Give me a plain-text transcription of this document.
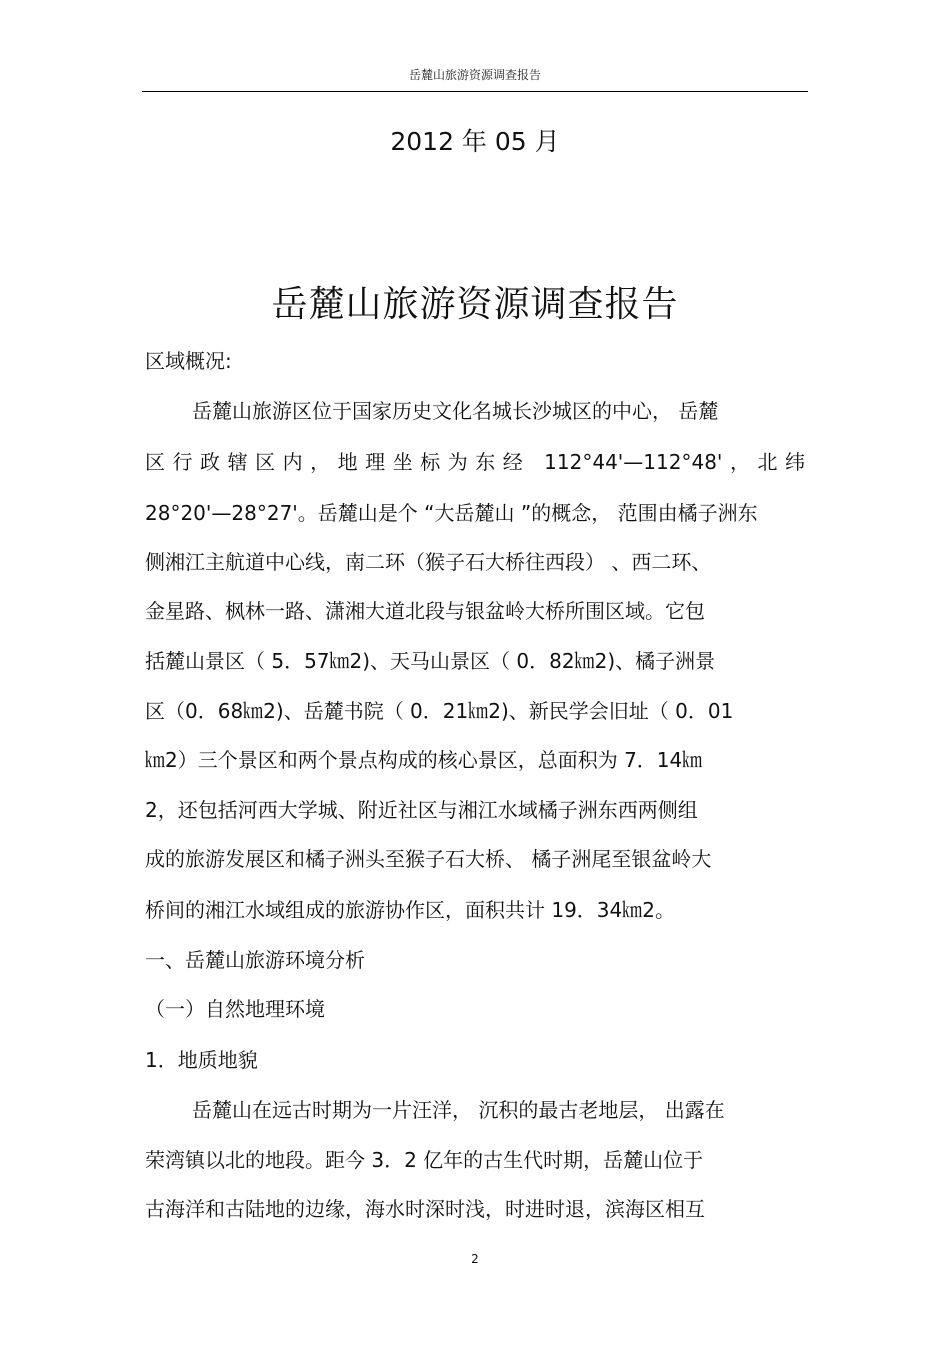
岳麓山旅游资源调查报告
2012 年 05 月
岳麓山旅游资源调查报告
区域概况:
岳麓山旅游区位于国家历史文化名城长沙城区的中心， 岳麓
区行政辖区内，地理坐标为东经 112°44'—112°48'，北纬
28°20'—28°27'。岳麓山是个 “大岳麓山 ”的概念， 范围由橘子洲东
侧湘江主航道中心线，南二环（猴子石大桥往西段） 、西二环、
金星路、枫林一路、潇湘大道北段与银盆岭大桥所围区域。它包
括麓山景区（ 5．57㎞2)、天马山景区（ 0．82㎞2)、橘子洲景
区（0．68㎞2)、岳麓书院（ 0．21㎞2)、新民学会旧址（ 0．01
㎞2）三个景区和两个景点构成的核心景区，总面积为 7．14㎞
2，还包括河西大学城、附近社区与湘江水域橘子洲东西两侧组
成的旅游发展区和橘子洲头至猴子石大桥、 橘子洲尾至银盆岭大
桥间的湘江水域组成的旅游协作区，面积共计 19．34㎞2。
一、岳麓山旅游环境分析
（一）自然地理环境
1．地质地貌
岳麓山在远古时期为一片汪洋， 沉积的最古老地层， 出露在
荣湾镇以北的地段。距今 3．2 亿年的古生代时期，岳麓山位于
古海洋和古陆地的边缘，海水时深时浅，时进时退，滨海区相互
2
